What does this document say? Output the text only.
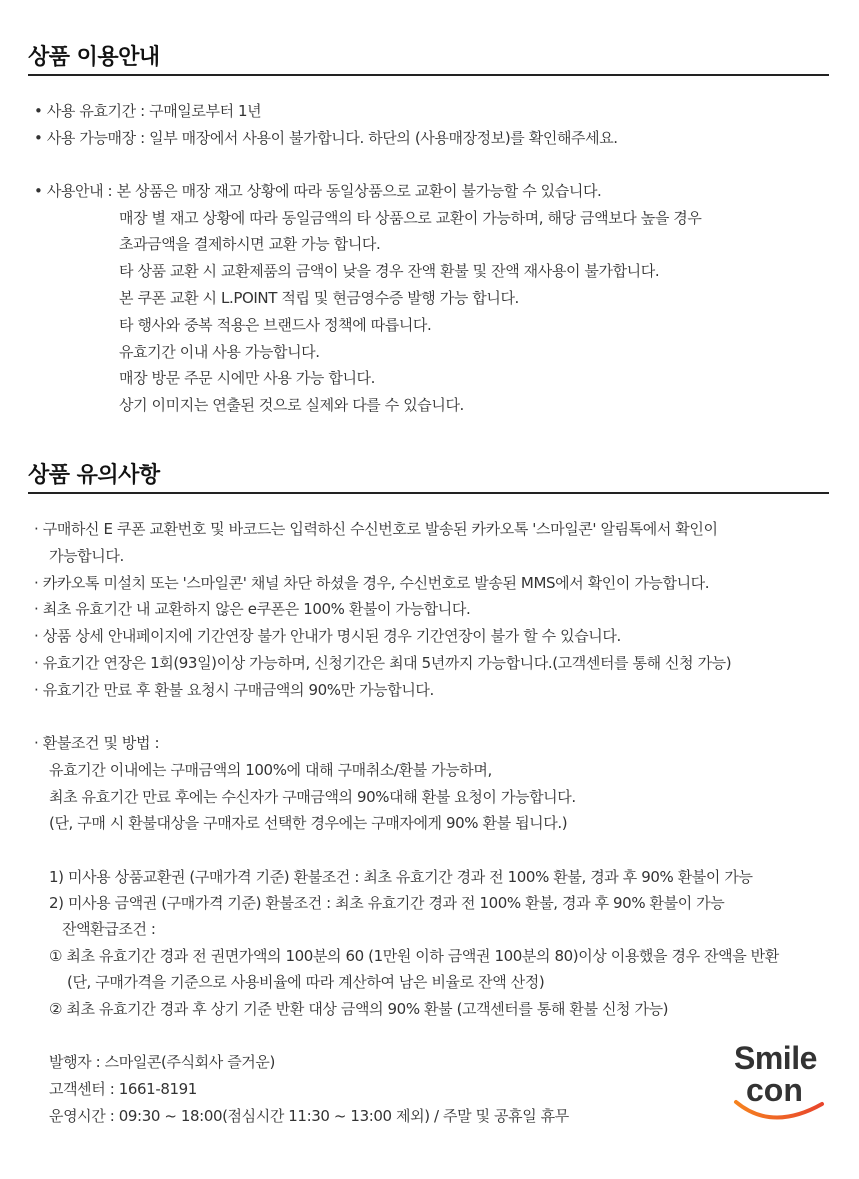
상품 이용안내
• 사용 유효기간 : 구매일로부터 1년
• 사용 가능매장 : 일부 매장에서 사용이 불가합니다. 하단의 (사용매장정보)를 확인해주세요.
• 사용안내 : 본 상품은 매장 재고 상황에 따라 동일상품으로 교환이 불가능할 수 있습니다.
매장 별 재고 상황에 따라 동일금액의 타 상품으로 교환이 가능하며, 해당 금액보다 높을 경우
초과금액을 결제하시면 교환 가능 합니다.
타 상품 교환 시 교환제품의 금액이 낮을 경우 잔액 환불 및 잔액 재사용이 불가합니다.
본 쿠폰 교환 시 L.POINT 적립 및 현금영수증 발행 가능 합니다.
타 행사와 중복 적용은 브랜드사 정책에 따릅니다.
유효기간 이내 사용 가능합니다.
매장 방문 주문 시에만 사용 가능 합니다.
상기 이미지는 연출된 것으로 실제와 다를 수 있습니다.
상품 유의사항
· 구매하신 E 쿠폰 교환번호 및 바코드는 입력하신 수신번호로 발송된 카카오톡 '스마일콘' 알림톡에서 확인이
가능합니다.
· 카카오톡 미설치 또는 '스마일콘' 채널 차단 하셨을 경우, 수신번호로 발송된 MMS에서 확인이 가능합니다.
· 최초 유효기간 내 교환하지 않은 e쿠폰은 100% 환불이 가능합니다.
· 상품 상세 안내페이지에 기간연장 불가 안내가 명시된 경우 기간연장이 불가 할 수 있습니다.
· 유효기간 연장은 1회(93일)이상 가능하며, 신청기간은 최대 5년까지 가능합니다.(고객센터를 통해 신청 가능)
· 유효기간 만료 후 환불 요청시 구매금액의 90%만 가능합니다.
· 환불조건 및 방법 :
유효기간 이내에는 구매금액의 100%에 대해 구매취소/환불 가능하며,
최초 유효기간 만료 후에는 수신자가 구매금액의 90%대해 환불 요청이 가능합니다.
(단, 구매 시 환불대상을 구매자로 선택한 경우에는 구매자에게 90% 환불 됩니다.)
1) 미사용 상품교환권 (구매가격 기준) 환불조건 : 최초 유효기간 경과 전 100% 환불, 경과 후 90% 환불이 가능
2) 미사용 금액권 (구매가격 기준) 환불조건 : 최초 유효기간 경과 전 100% 환불, 경과 후 90% 환불이 가능
잔액환급조건 :
① 최초 유효기간 경과 전 권면가액의 100분의 60 (1만원 이하 금액권 100분의 80)이상 이용했을 경우 잔액을 반환
(단, 구매가격을 기준으로 사용비율에 따라 계산하여 남은 비율로 잔액 산정)
② 최초 유효기간 경과 후 상기 기준 반환 대상 금액의 90% 환불 (고객센터를 통해 환불 신청 가능)
발행자 : 스마일콘(주식회사 즐거운)
고객센터 : 1661-8191
운영시간 : 09:30 ~ 18:00(점심시간 11:30 ~ 13:00 제외) / 주말 및 공휴일 휴무
Smile
con
